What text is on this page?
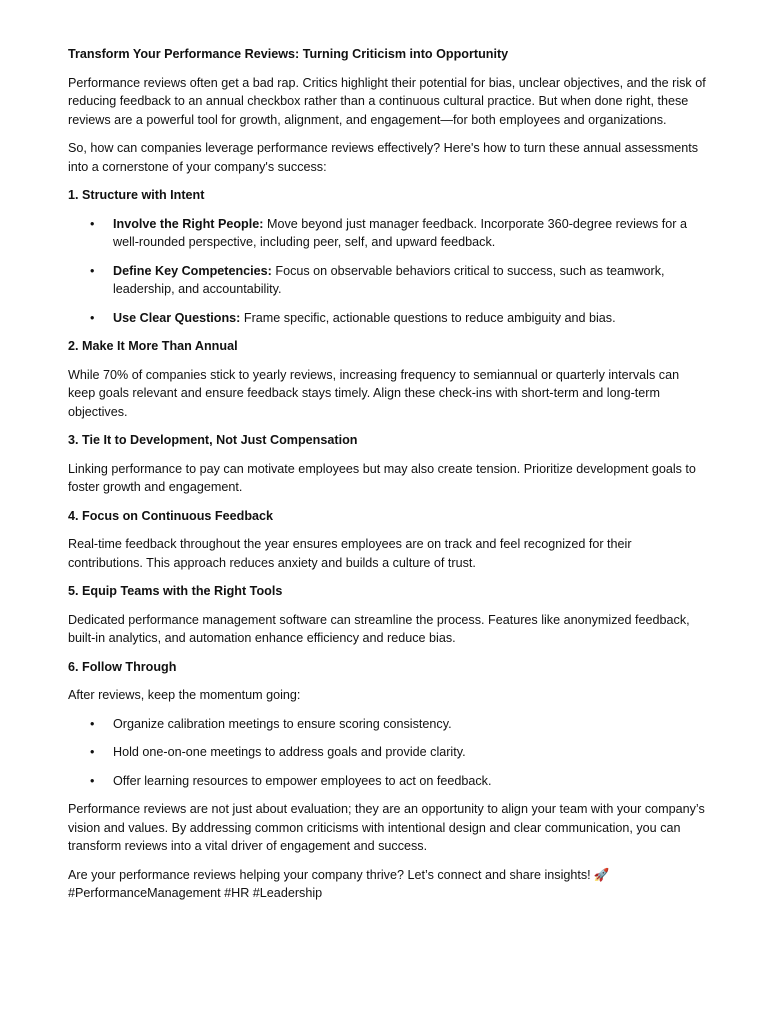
Transform Your Performance Reviews: Turning Criticism into Opportunity

Performance reviews often get a bad rap. Critics highlight their potential for bias, unclear objectives, and the risk of reducing feedback to an annual checkbox rather than a continuous cultural practice. But when done right, these reviews are a powerful tool for growth, alignment, and engagement—for both employees and organizations.

So, how can companies leverage performance reviews effectively? Here's how to turn these annual assessments into a cornerstone of your company's success:

1. Structure with Intent
• Involve the Right People: Move beyond just manager feedback. Incorporate 360-degree reviews for a well-rounded perspective, including peer, self, and upward feedback.
• Define Key Competencies: Focus on observable behaviors critical to success, such as teamwork, leadership, and accountability.
• Use Clear Questions: Frame specific, actionable questions to reduce ambiguity and bias.
2. Make It More Than Annual

While 70% of companies stick to yearly reviews, increasing frequency to semiannual or quarterly intervals can keep goals relevant and ensure feedback stays timely. Align these check-ins with short-term and long-term objectives.

3. Tie It to Development, Not Just Compensation

Linking performance to pay can motivate employees but may also create tension. Prioritize development goals to foster growth and engagement.

4. Focus on Continuous Feedback

Real-time feedback throughout the year ensures employees are on track and feel recognized for their contributions. This approach reduces anxiety and builds a culture of trust.

5. Equip Teams with the Right Tools

Dedicated performance management software can streamline the process. Features like anonymized feedback, built-in analytics, and automation enhance efficiency and reduce bias.

6. Follow Through

After reviews, keep the momentum going:

• Organize calibration meetings to ensure scoring consistency.
• Hold one-on-one meetings to address goals and provide clarity.
• Offer learning resources to empower employees to act on feedback.

Performance reviews are not just about evaluation; they are an opportunity to align your team with your company’s vision and values. By addressing common criticisms with intentional design and clear communication, you can transform reviews into a vital driver of engagement and success.

Are your performance reviews helping your company thrive? Let’s connect and share insights! 🚀
#PerformanceManagement #HR #Leadership
